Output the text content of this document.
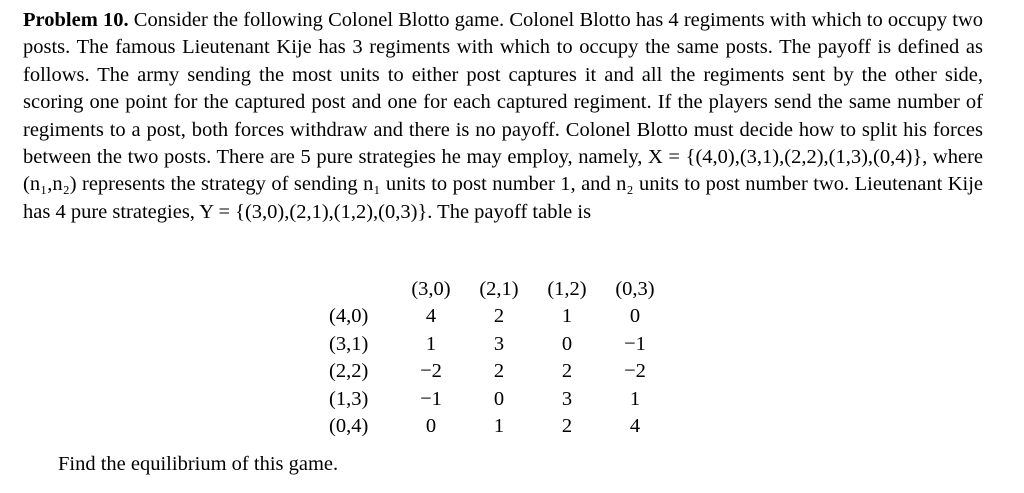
Problem 10. Consider the following Colonel Blotto game. Colonel Blotto has 4 regiments with which to occupy two posts. The famous Lieutenant Kije has 3 regiments with which to occupy the same posts. The payoff is defined as follows. The army sending the most units to either post captures it and all the regiments sent by the other side, scoring one point for the captured post and one for each captured regiment. If the players send the same number of regiments to a post, both forces withdraw and there is no payoff. Colonel Blotto must decide how to split his forces between the two posts. There are 5 pure strategies he may employ, namely, X = {(4,0),(3,1),(2,2),(1,3),(0,4)}, where (n₁,n₂) represents the strategy of sending n₁ units to post number 1, and n₂ units to post number two. Lieutenant Kije has 4 pure strategies, Y = {(3,0),(2,1),(1,2),(0,3)}. The payoff table is
	(3,0)	(2,1)	(1,2)	(0,3)
(4,0)	4	2	1	0
(3,1)	1	3	0	−1
(2,2)	−2	2	2	−2
(1,3)	−1	0	3	1
(0,4)	0	1	2	4
Find the equilibrium of this game.
